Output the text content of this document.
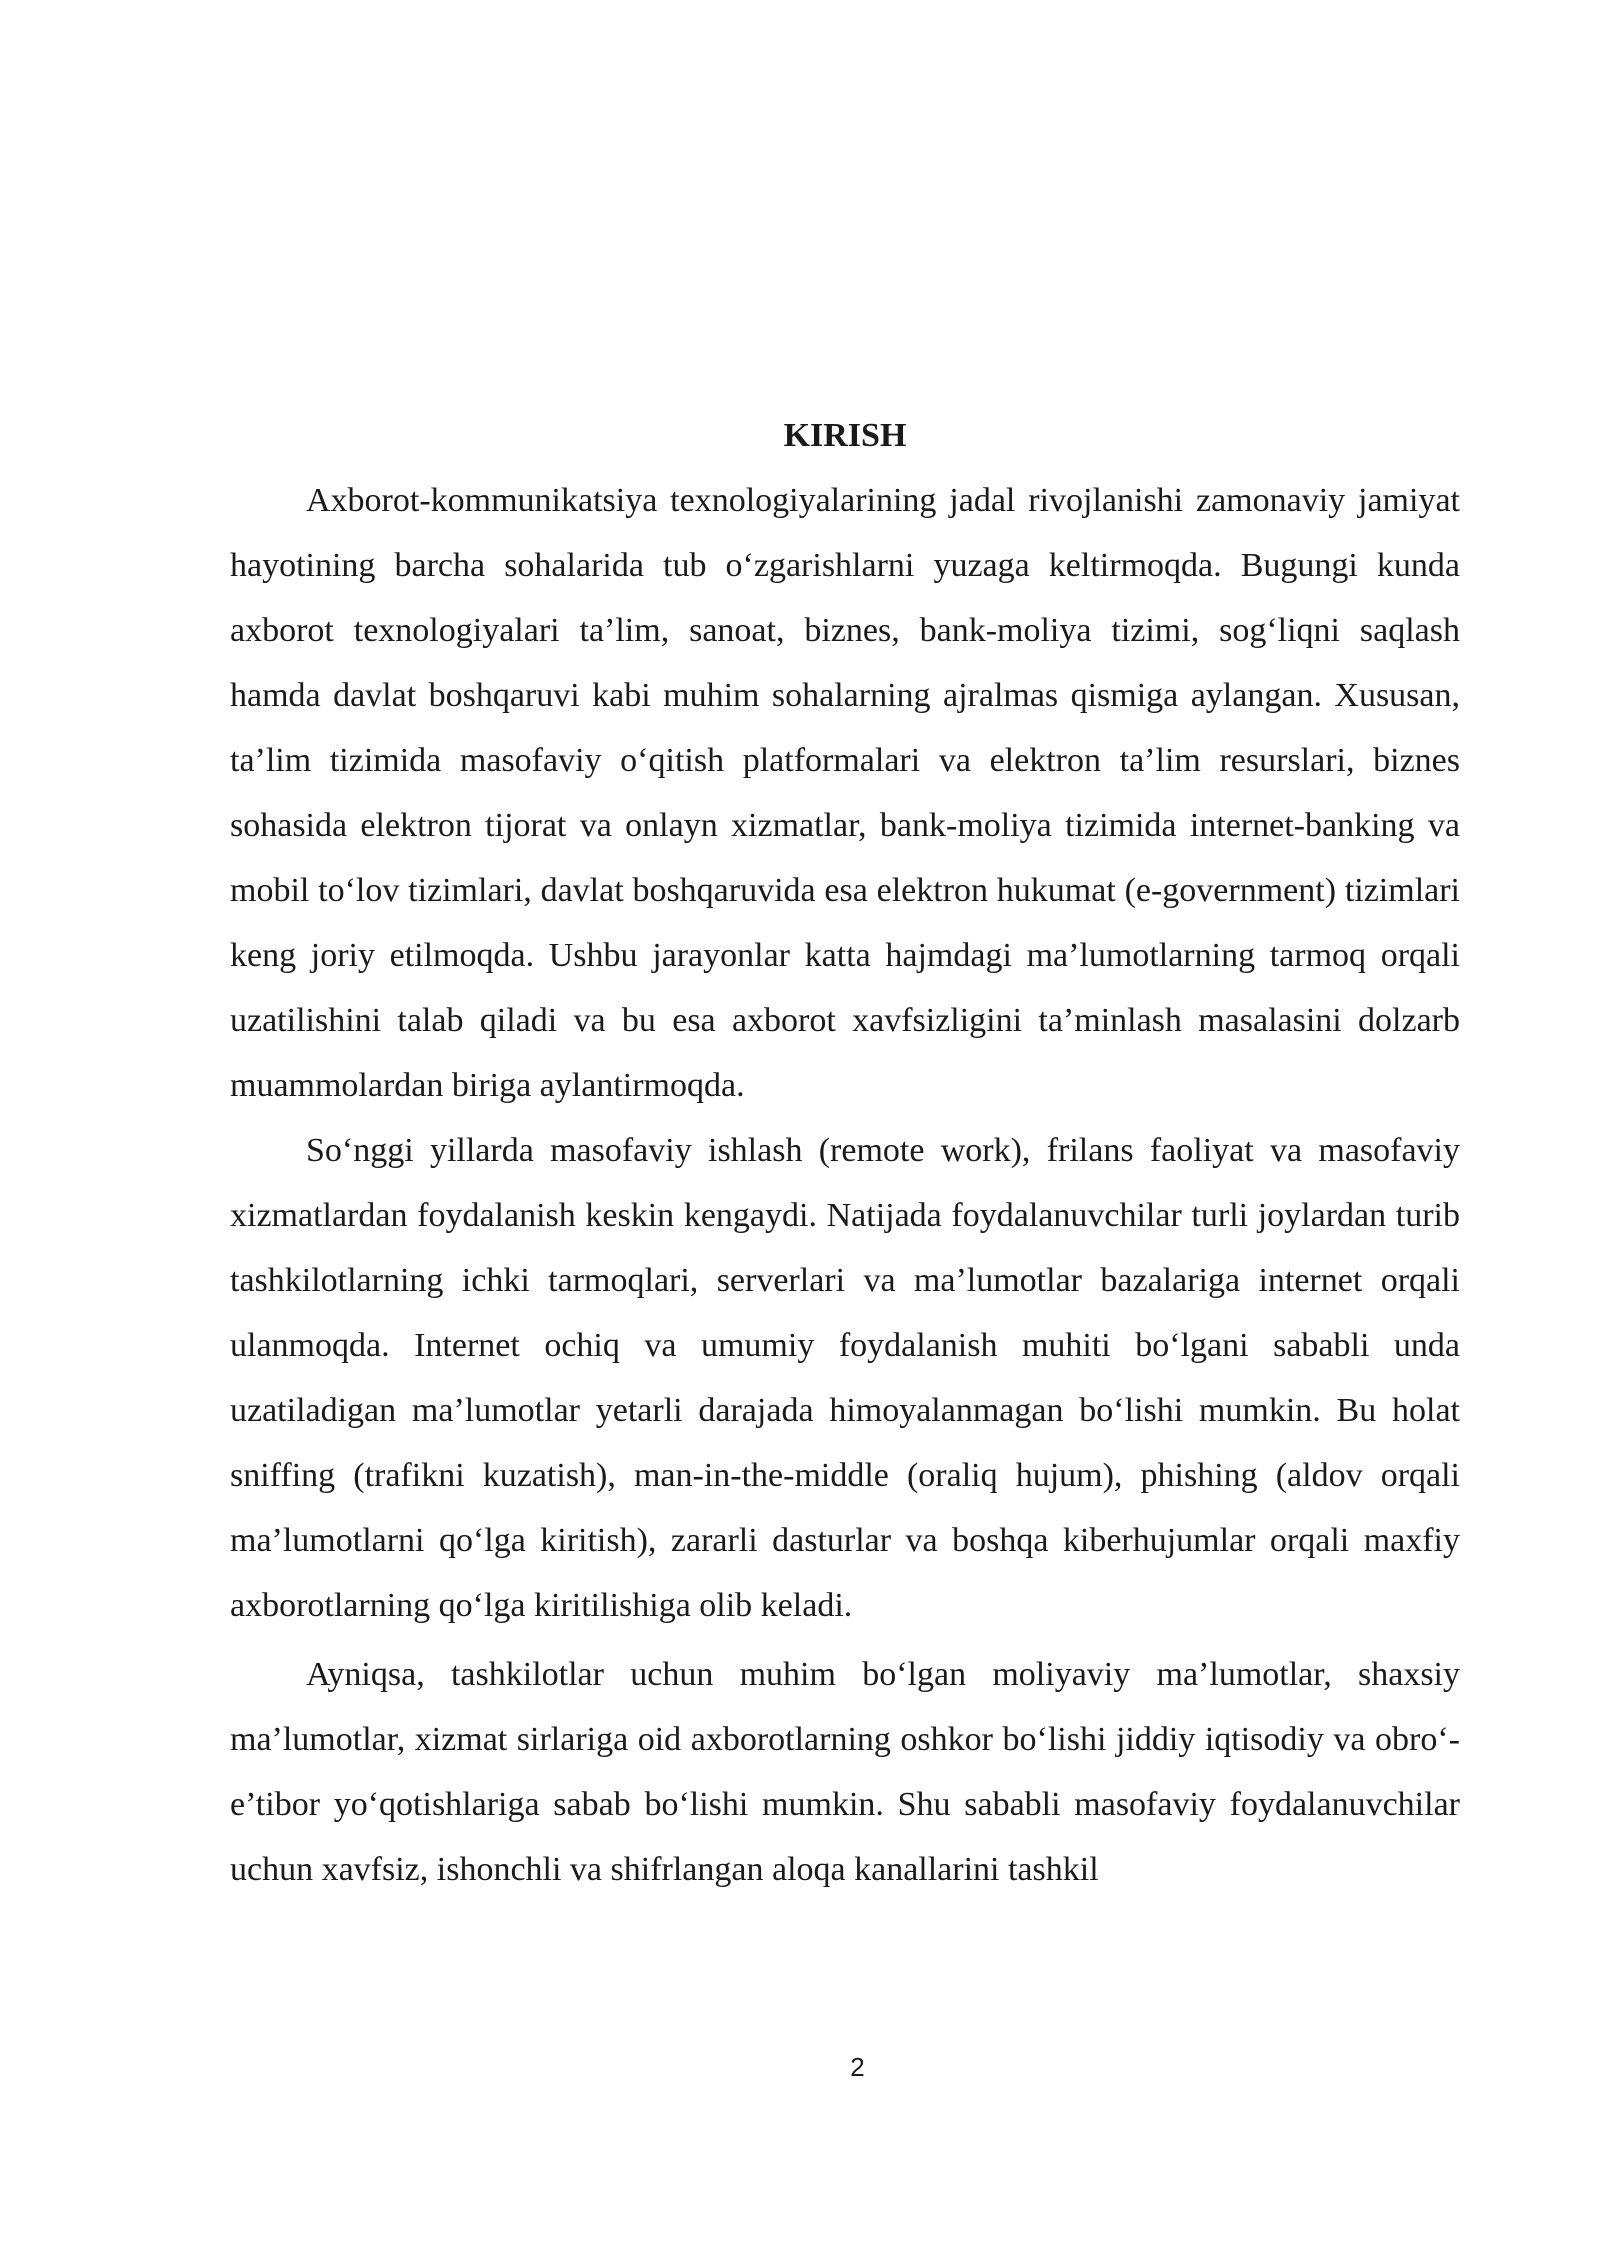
KIRISH

Axborot-kommunikatsiya texnologiyalarining jadal rivojlanishi zamonaviy jamiyat hayotining barcha sohalarida tub o‘zgarishlarni yuzaga keltirmoqda. Bugungi kunda axborot texnologiyalari ta’lim, sanoat, biznes, bank-moliya tizimi, sog‘liqni saqlash hamda davlat boshqaruvi kabi muhim sohalarning ajralmas qismiga aylangan. Xususan, ta’lim tizimida masofaviy o‘qitish platformalari va elektron ta’lim resurslari, biznes sohasida elektron tijorat va onlayn xizmatlar, bank-moliya tizimida internet-banking va mobil to‘lov tizimlari, davlat boshqaruvida esa elektron hukumat (e-government) tizimlari keng joriy etilmoqda. Ushbu jarayonlar katta hajmdagi ma’lumotlarning tarmoq orqali uzatilishini talab qiladi va bu esa axborot xavfsizligini ta’minlash masalasini dolzarb muammolardan biriga aylantirmoqda.

So‘nggi yillarda masofaviy ishlash (remote work), frilans faoliyat va masofaviy xizmatlardan foydalanish keskin kengaydi. Natijada foydalanuvchilar turli joylardan turib tashkilotlarning ichki tarmoqlari, serverlari va ma’lumotlar bazalariga internet orqali ulanmoqda. Internet ochiq va umumiy foydalanish muhiti bo‘lgani sababli unda uzatiladigan ma’lumotlar yetarli darajada himoyalanmagan bo‘lishi mumkin. Bu holat sniffing (trafikni kuzatish), man-in-the-middle (oraliq hujum), phishing (aldov orqali ma’lumotlarni qo‘lga kiritish), zararli dasturlar va boshqa kiberhujumlar orqali maxfiy axborotlarning qo‘lga kiritilishiga olib keladi.

Ayniqsa, tashkilotlar uchun muhim bo‘lgan moliyaviy ma’lumotlar, shaxsiy ma’lumotlar, xizmat sirlariga oid axborotlarning oshkor bo‘lishi jiddiy iqtisodiy va obro‘-e’tibor yo‘qotishlariga sabab bo‘lishi mumkin. Shu sababli masofaviy foydalanuvchilar uchun xavfsiz, ishonchli va shifrlangan aloqa kanallarini tashkil

2
